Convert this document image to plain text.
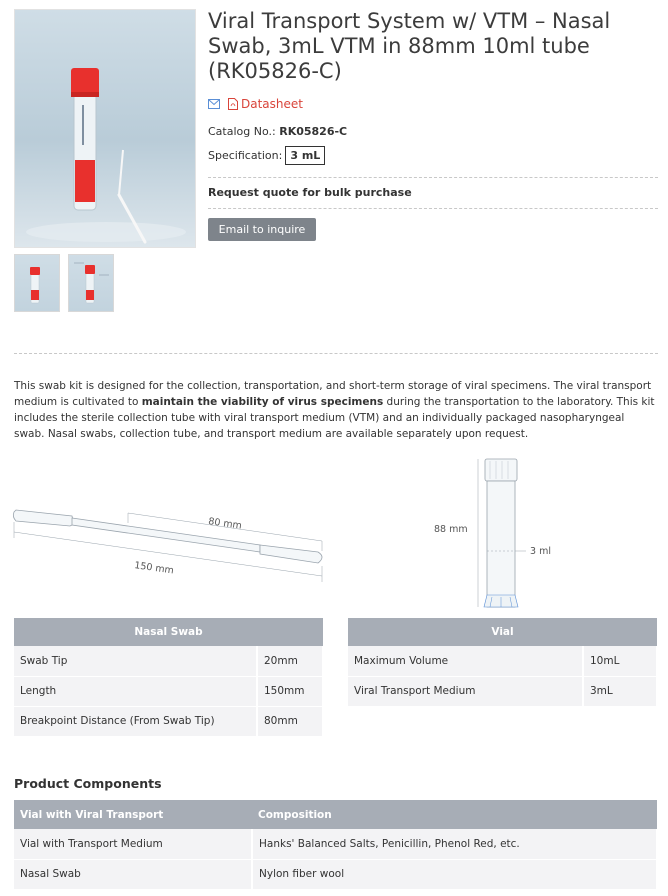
Viral Transport System w/ VTM – Nasal Swab, 3mL VTM in 88mm 10ml tube (RK05826-C)
Datasheet
Catalog No.: RK05826-C
Specification: 3 mL
Request quote for bulk purchase
Email to inquire

This swab kit is designed for the collection, transportation, and short-term storage of viral specimens. The viral transport medium is cultivated to maintain the viability of virus specimens during the transportation to the laboratory. This kit includes the sterile collection tube with viral transport medium (VTM) and an individually packaged nasopharyngeal swab. Nasal swabs, collection tube, and transport medium are available separately upon request.

80 mm
150 mm
88 mm
3 ml
Nasal Swab	
Swab Tip	20mm
Length	150mm
Breakpoint Distance (From Swab Tip)	80mm
Vial	
Maximum Volume	10mL
Viral Transport Medium	3mL
Product Components
Vial with Viral Transport	Composition
Vial with Transport Medium	Hanks' Balanced Salts, Penicillin, Phenol Red, etc.
Nasal Swab	Nylon fiber wool
